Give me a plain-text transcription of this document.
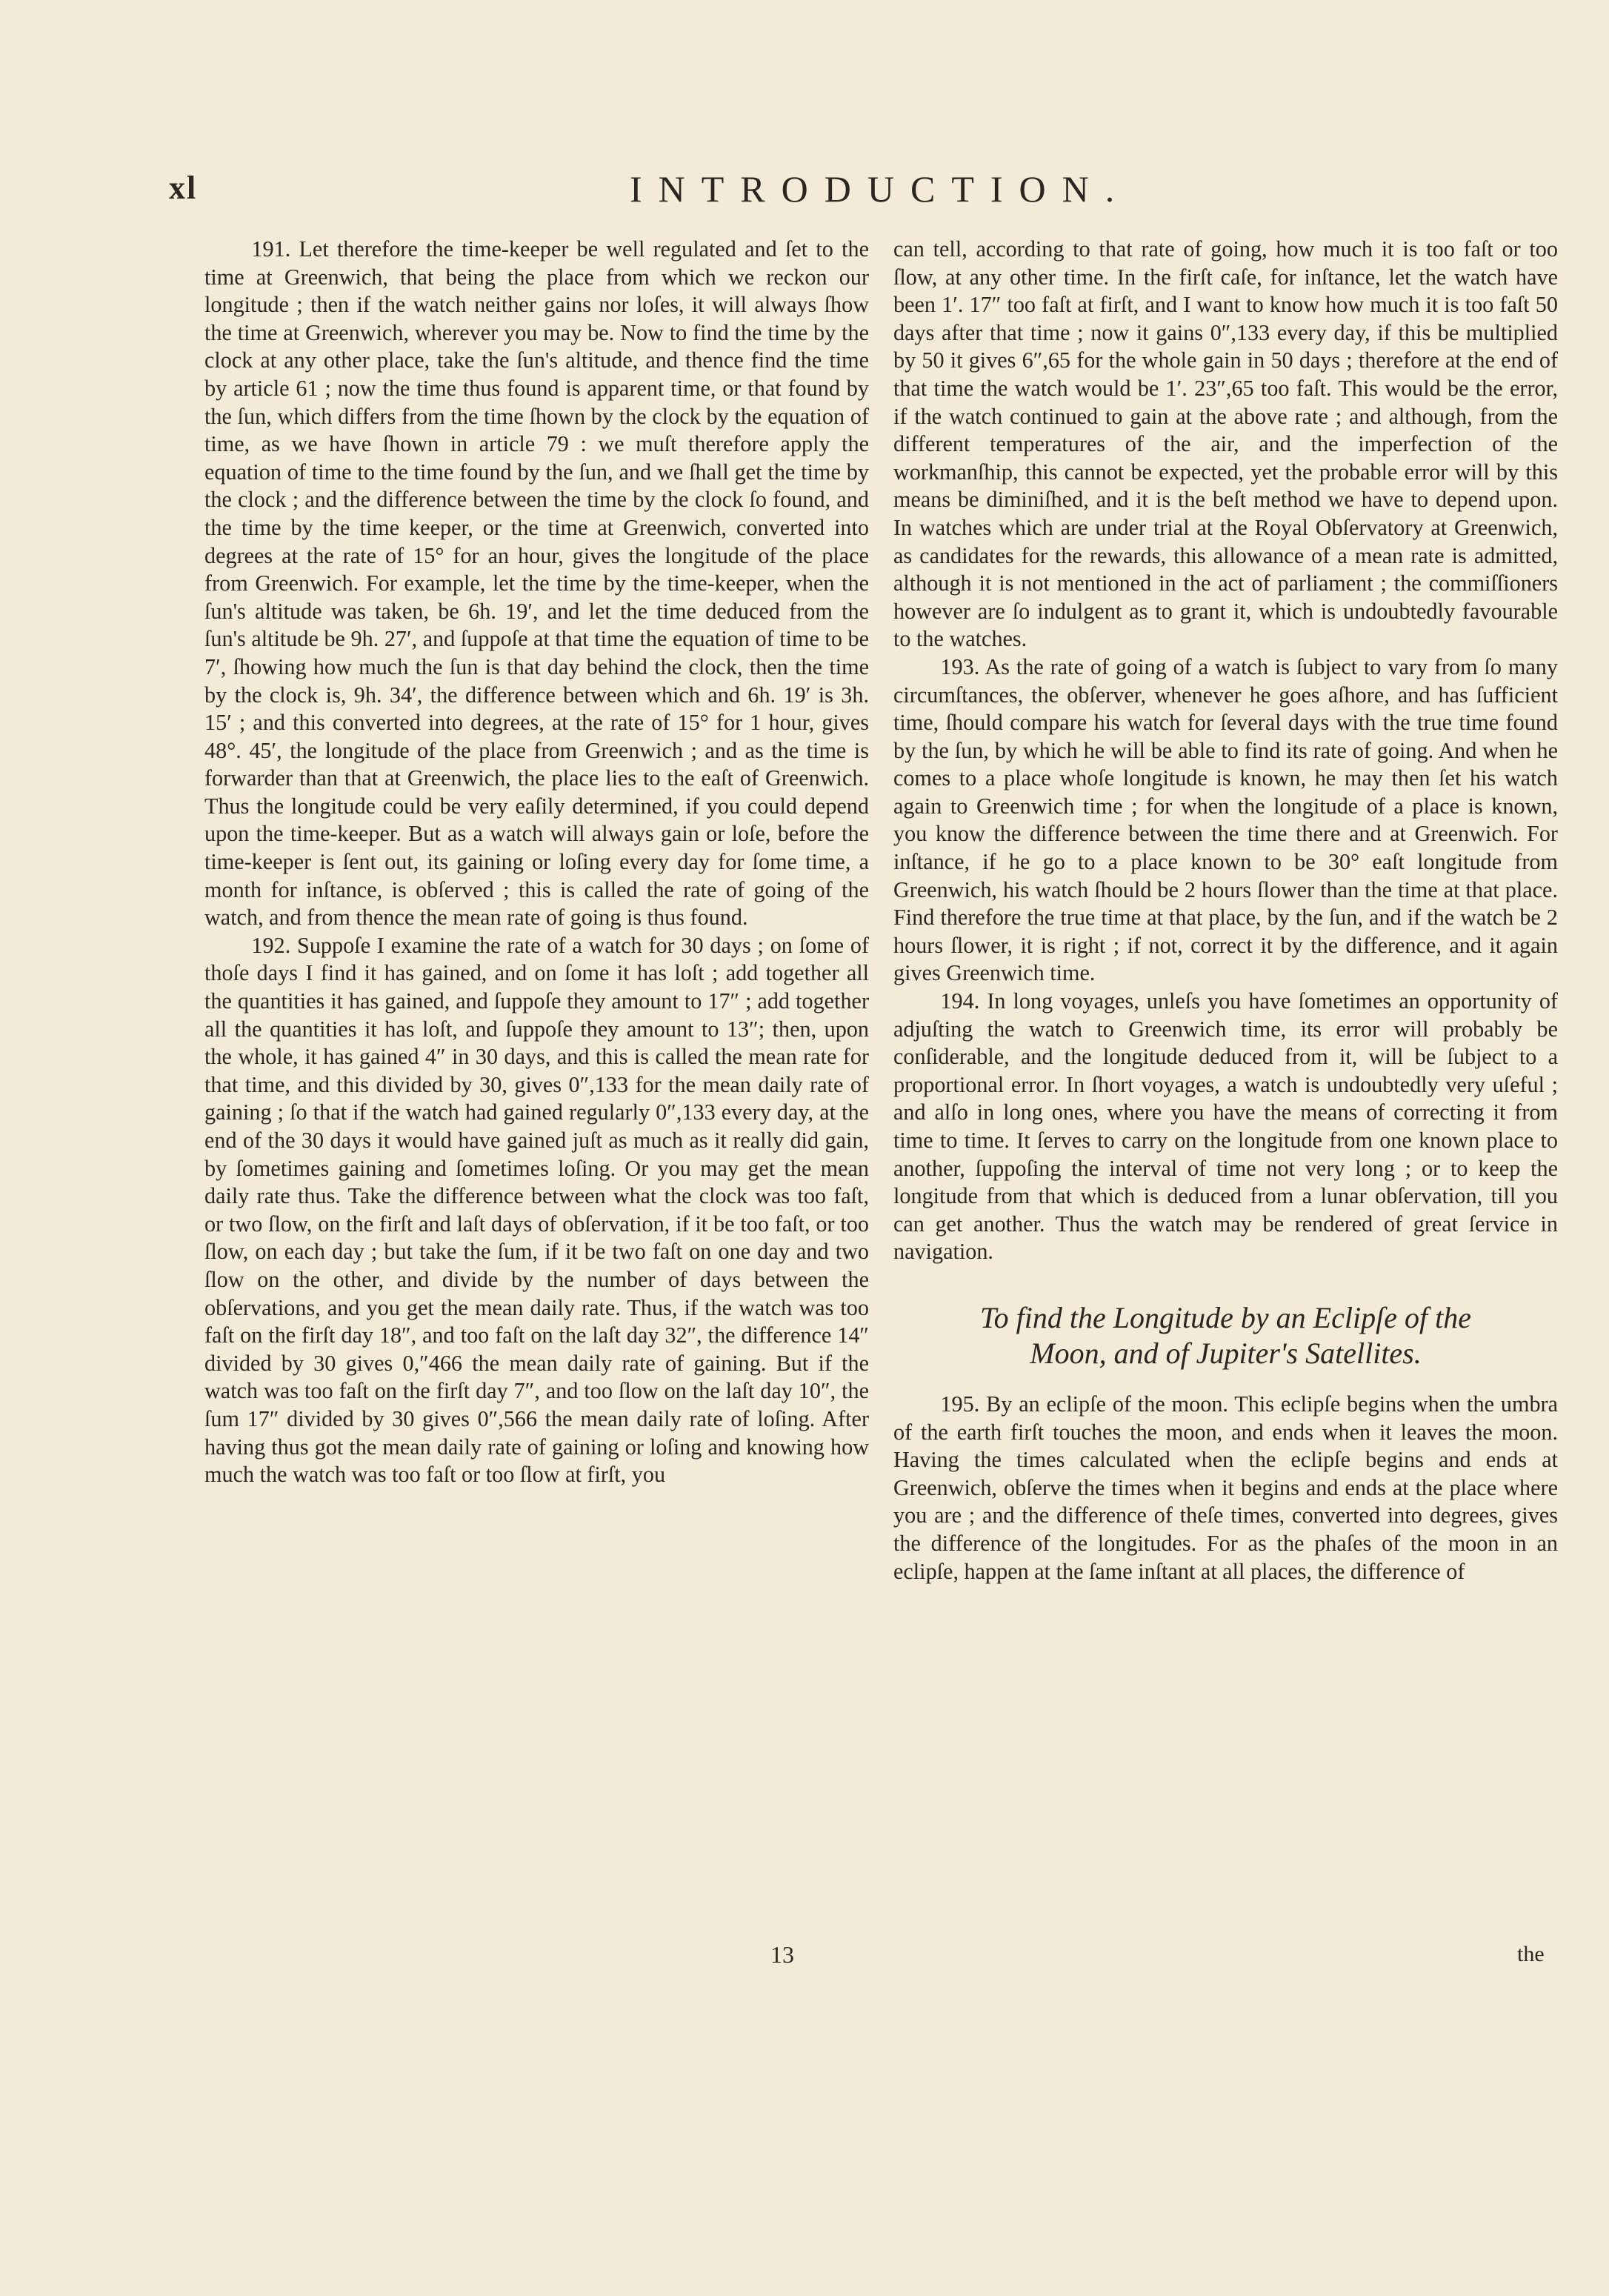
xl	INTRODUCTION.

191. Let therefore the time-keeper be well regulated and ſet to the time at Greenwich, that being the place from which we reckon our longitude ; then if the watch neither gains nor loſes, it will always ſhow the time at Greenwich, wherever you may be. Now to find the time by the clock at any other place, take the ſun's altitude, and thence find the time by article 61 ; now the time thus found is apparent time, or that found by the ſun, which differs from the time ſhown by the clock by the equation of time, as we have ſhown in article 79 : we muſt therefore apply the equation of time to the time found by the ſun, and we ſhall get the time by the clock ; and the difference between the time by the clock ſo found, and the time by the time keeper, or the time at Greenwich, converted into degrees at the rate of 15° for an hour, gives the longitude of the place from Greenwich. For example, let the time by the time-keeper, when the ſun's altitude was taken, be 6h. 19′, and let the time deduced from the ſun's altitude be 9h. 27′, and ſuppoſe at that time the equation of time to be 7′, ſhowing how much the ſun is that day behind the clock, then the time by the clock is, 9h. 34′, the difference between which and 6h. 19′ is 3h. 15′ ; and this converted into degrees, at the rate of 15° for 1 hour, gives 48°. 45′, the longitude of the place from Greenwich ; and as the time is forwarder than that at Greenwich, the place lies to the eaſt of Greenwich. Thus the longitude could be very eaſily determined, if you could depend upon the time-keeper. But as a watch will always gain or loſe, before the time-keeper is ſent out, its gaining or loſing every day for ſome time, a month for inſtance, is obſerved ; this is called the rate of going of the watch, and from thence the mean rate of going is thus found.

192. Suppoſe I examine the rate of a watch for 30 days ; on ſome of thoſe days I find it has gained, and on ſome it has loſt ; add together all the quantities it has gained, and ſuppoſe they amount to 17″ ; add together all the quantities it has loſt, and ſuppoſe they amount to 13″; then, upon the whole, it has gained 4″ in 30 days, and this is called the mean rate for that time, and this divided by 30, gives 0″,133 for the mean daily rate of gaining ; ſo that if the watch had gained regularly 0″,133 every day, at the end of the 30 days it would have gained juſt as much as it really did gain, by ſometimes gaining and ſometimes loſing. Or you may get the mean daily rate thus. Take the difference between what the clock was too faſt, or two ſlow, on the firſt and laſt days of obſervation, if it be too faſt, or too ſlow, on each day ; but take the ſum, if it be two faſt on one day and two ſlow on the other, and divide by the number of days between the obſervations, and you get the mean daily rate. Thus, if the watch was too faſt on the firſt day 18″, and too faſt on the laſt day 32″, the difference 14″ divided by 30 gives 0,″466 the mean daily rate of gaining. But if the watch was too faſt on the firſt day 7″, and too ſlow on the laſt day 10″, the ſum 17″ divided by 30 gives 0″,566 the mean daily rate of loſing. After having thus got the mean daily rate of gaining or loſing and knowing how much the watch was too faſt or too ſlow at firſt, you

can tell, according to that rate of going, how much it is too faſt or too ſlow, at any other time. In the firſt caſe, for inſtance, let the watch have been 1′. 17″ too faſt at firſt, and I want to know how much it is too faſt 50 days after that time ; now it gains 0″,133 every day, if this be multiplied by 50 it gives 6″,65 for the whole gain in 50 days ; therefore at the end of that time the watch would be 1′. 23″,65 too faſt. This would be the error, if the watch continued to gain at the above rate ; and although, from the different temperatures of the air, and the imperfection of the workmanſhip, this cannot be expected, yet the probable error will by this means be diminiſhed, and it is the beſt method we have to depend upon. In watches which are under trial at the Royal Obſervatory at Greenwich, as candidates for the rewards, this allowance of a mean rate is admitted, although it is not mentioned in the act of parliament ; the commiſſioners however are ſo indulgent as to grant it, which is undoubtedly favourable to the watches.

193. As the rate of going of a watch is ſubject to vary from ſo many circumſtances, the obſerver, whenever he goes aſhore, and has ſufficient time, ſhould compare his watch for ſeveral days with the true time found by the ſun, by which he will be able to find its rate of going. And when he comes to a place whoſe longitude is known, he may then ſet his watch again to Greenwich time ; for when the longitude of a place is known, you know the difference between the time there and at Greenwich. For inſtance, if he go to a place known to be 30° eaſt longitude from Greenwich, his watch ſhould be 2 hours ſlower than the time at that place. Find therefore the true time at that place, by the ſun, and if the watch be 2 hours ſlower, it is right ; if not, correct it by the difference, and it again gives Greenwich time.

194. In long voyages, unleſs you have ſometimes an opportunity of adjuſting the watch to Greenwich time, its error will probably be conſiderable, and the longitude deduced from it, will be ſubject to a proportional error. In ſhort voyages, a watch is undoubtedly very uſeful ; and alſo in long ones, where you have the means of correcting it from time to time. It ſerves to carry on the longitude from one known place to another, ſuppoſing the interval of time not very long ; or to keep the longitude from that which is deduced from a lunar obſervation, till you can get another. Thus the watch may be rendered of great ſervice in navigation.

To find the Longitude by an Eclipſe of the
Moon, and of Jupiter's Satellites.

195. By an eclipſe of the moon. This eclipſe begins when the umbra of the earth firſt touches the moon, and ends when it leaves the moon. Having the times calculated when the eclipſe begins and ends at Greenwich, obſerve the times when it begins and ends at the place where you are ; and the difference of theſe times, converted into degrees, gives the difference of the longitudes. For as the phaſes of the moon in an eclipſe, happen at the ſame inſtant at all places, the difference of

13	the
